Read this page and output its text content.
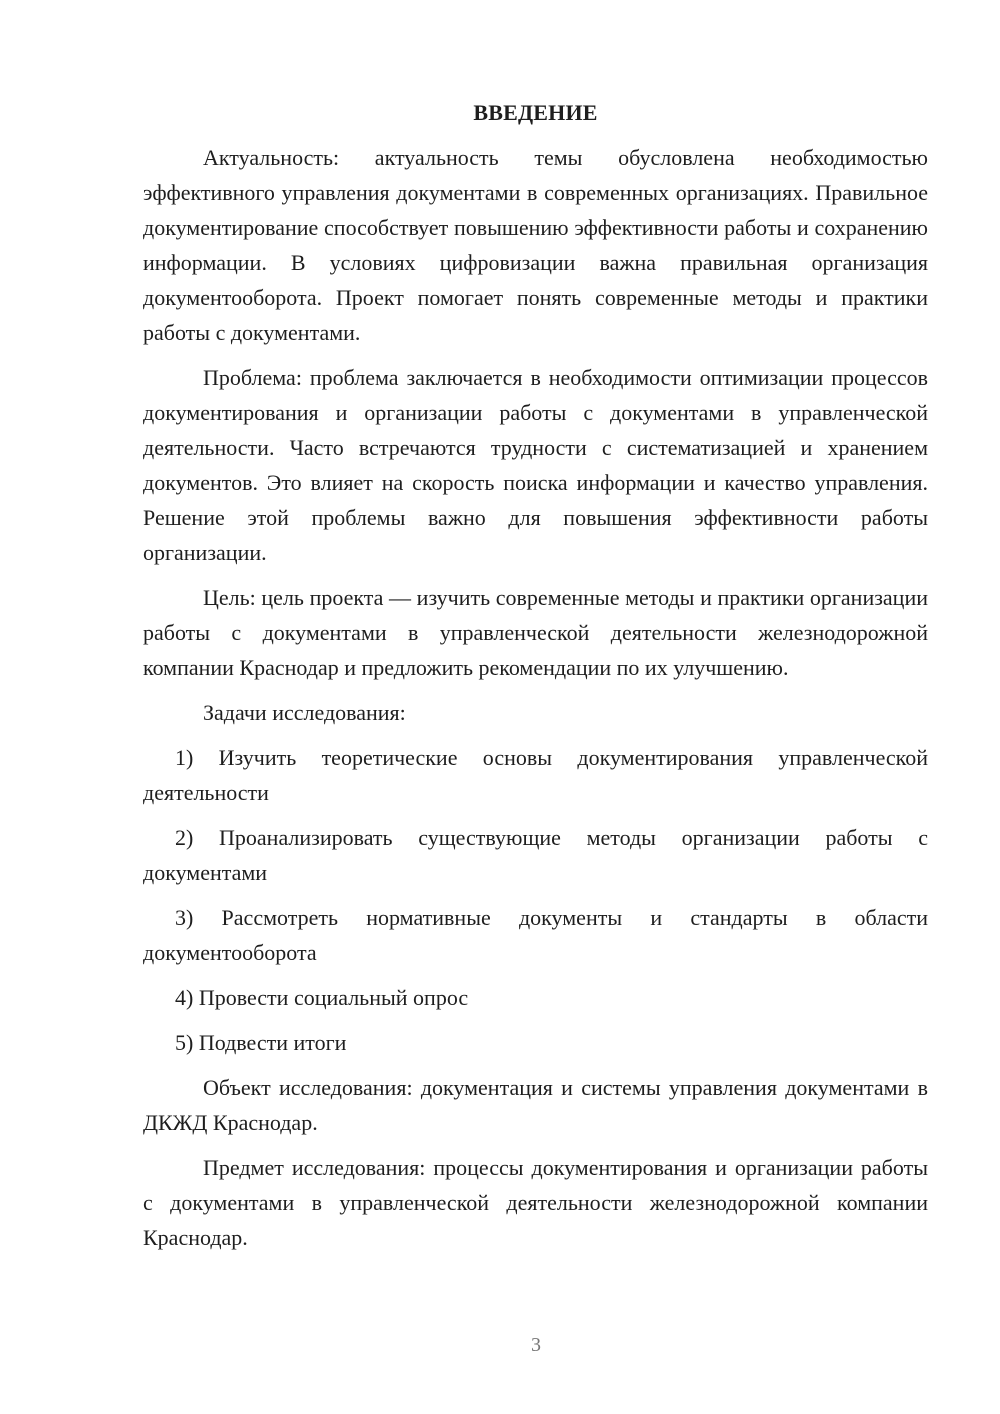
ВВЕДЕНИЕ

Актуальность: актуальность темы обусловлена необходимостью эффективного управления документами в современных организациях. Правильное документирование способствует повышению эффективности работы и сохранению информации. В условиях цифровизации важна правильная организация документооборота. Проект помогает понять современные методы и практики работы с документами.

Проблема: проблема заключается в необходимости оптимизации процессов документирования и организации работы с документами в управленческой деятельности. Часто встречаются трудности с систематизацией и хранением документов. Это влияет на скорость поиска информации и качество управления. Решение этой проблемы важно для повышения эффективности работы организации.

Цель: цель проекта — изучить современные методы и практики организации работы с документами в управленческой деятельности железнодорожной компании Краснодар и предложить рекомендации по их улучшению.

Задачи исследования:

1) Изучить теоретические основы документирования управленческой деятельности

2) Проанализировать существующие методы организации работы с документами

3) Рассмотреть нормативные документы и стандарты в области документооборота

4) Провести социальный опрос

5) Подвести итоги

Объект исследования: документация и системы управления документами в ДКЖД Краснодар.

Предмет исследования: процессы документирования и организации работы с документами в управленческой деятельности железнодорожной компании Краснодар.

3
